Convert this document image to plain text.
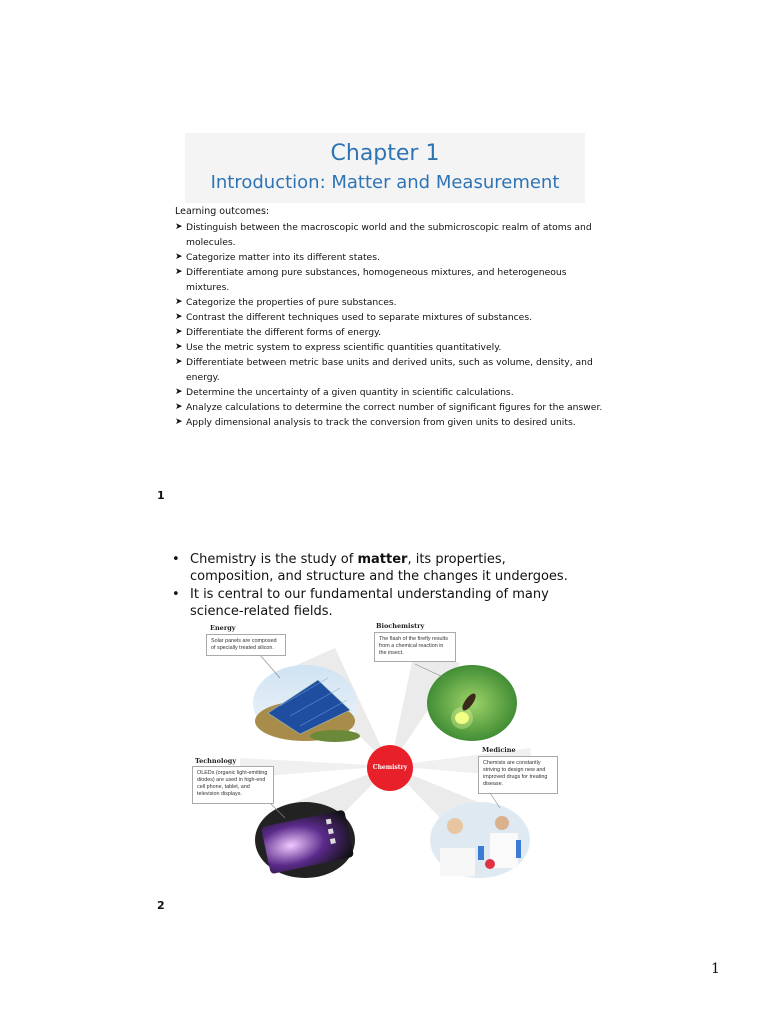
Chapter 1
Introduction: Matter and Measurement
Learning outcomes:
➤ Distinguish between the macroscopic world and the submicroscopic realm of atoms and molecules.
➤ Categorize matter into its different states.
➤ Differentiate among pure substances, homogeneous mixtures, and heterogeneous mixtures.
➤ Categorize the properties of pure substances.
➤ Contrast the different techniques used to separate mixtures of substances.
➤ Differentiate the different forms of energy.
➤ Use the metric system to express scientific quantities quantitatively.
➤ Differentiate between metric base units and derived units, such as volume, density, and energy.
➤ Determine the uncertainty of a given quantity in scientific calculations.
➤ Analyze calculations to determine the correct number of significant figures for the answer.
➤ Apply dimensional analysis to track the conversion from given units to desired units.
1
• Chemistry is the study of matter, its properties, composition, and structure and the changes it undergoes.
• It is central to our fundamental understanding of many science-related fields.
Energy
Solar panels are composed of specially treated silicon.
Biochemistry
The flash of the firefly results from a chemical reaction in the insect.
Technology
OLEDs (organic light-emitting diodes) are used in high-end cell phone, tablet, and television displays.
Medicine
Chemists are constantly striving to design new and improved drugs for treating disease.
Chemistry
2
1
